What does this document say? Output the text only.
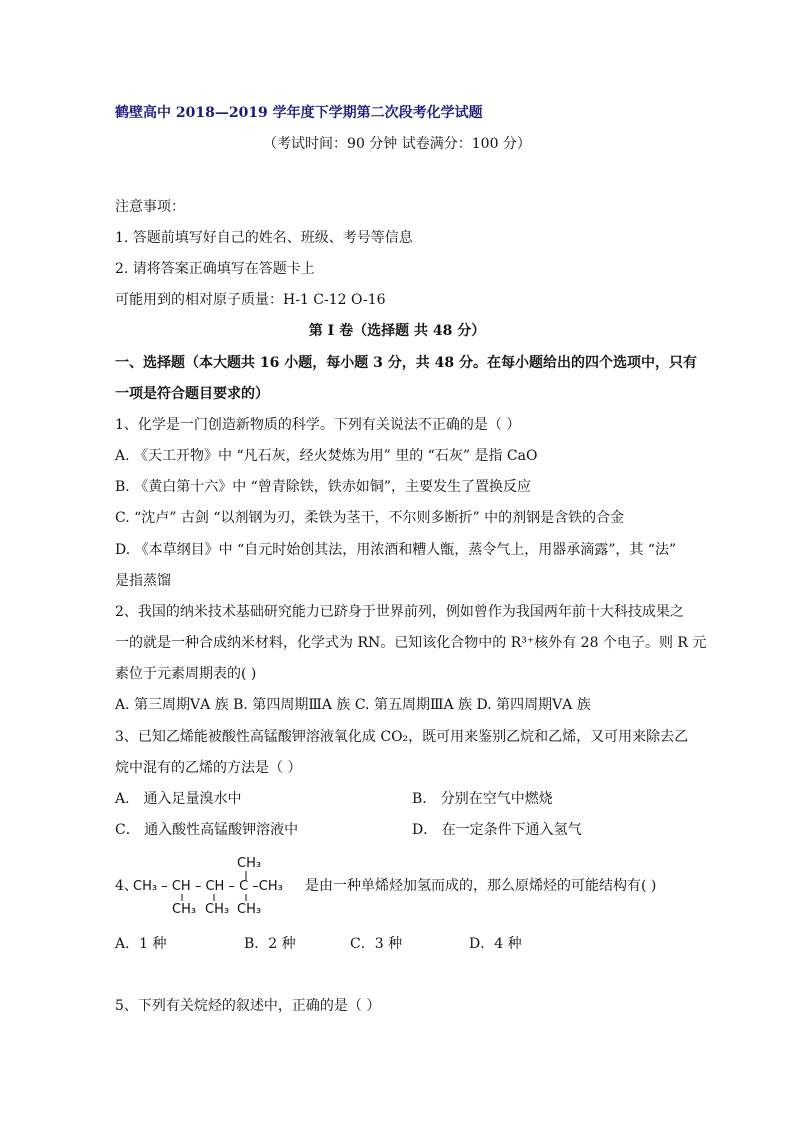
鹤壁高中 2018—2019 学年度下学期第二次段考化学试题
（考试时间：90 分钟 试卷满分：100 分）
注意事项：
1. 答题前填写好自己的姓名、班级、考号等信息
2. 请将答案正确填写在答题卡上
可能用到的相对原子质量：H-1 C-12 O-16
第 I 卷（选择题 共 48 分）
一、选择题（本大题共 16 小题，每小题 3 分，共 48 分。在每小题给出的四个选项中，只有
一项是符合题目要求的）
1、化学是一门创造新物质的科学。下列有关说法不正确的是（ ）
A. 《天工开物》中 “凡石灰，经火焚炼为用” 里的 “石灰” 是指 CaO
B. 《黄白第十六》中 “曾青除铁，铁赤如铜”，主要发生了置换反应
C. “沈卢” 古剑 “以剂钢为刃，柔铁为茎干，不尔则多断折” 中的剂钢是含铁的合金
D. 《本草纲目》中 “自元时始创其法，用浓酒和糟人甑，蒸令气上，用器承滴露”，其 “法”
是指蒸馏
2、我国的纳米技术基础研究能力已跻身于世界前列，例如曾作为我国两年前十大科技成果之
一的就是一种合成纳米材料，化学式为 RN。已知该化合物中的 R³⁺核外有 28 个电子。则 R 元
素位于元素周期表的( )
A. 第三周期ⅤA 族 B. 第四周期ⅢA 族 C. 第五周期ⅢA 族 D. 第四周期ⅤA 族
3、已知乙烯能被酸性高锰酸钾溶液氧化成 CO₂，既可用来鉴别乙烷和乙烯，又可用来除去乙
烷中混有的乙烯的方法是（ ）
A． 通入足量溴水中	B． 分别在空气中燃烧
C． 通入酸性高锰酸钾溶液中	D． 在一定条件下通入氢气
4、
CH₃
CH₃ – CH – CH – C –CH₃
CH₃ CH₃ CH₃
是由一种单烯烃加氢而成的，那么原烯烃的可能结构有( )
A．1 种	B．2 种	C．3 种	D．4 种
5、下列有关烷烃的叙述中，正确的是（ ）
